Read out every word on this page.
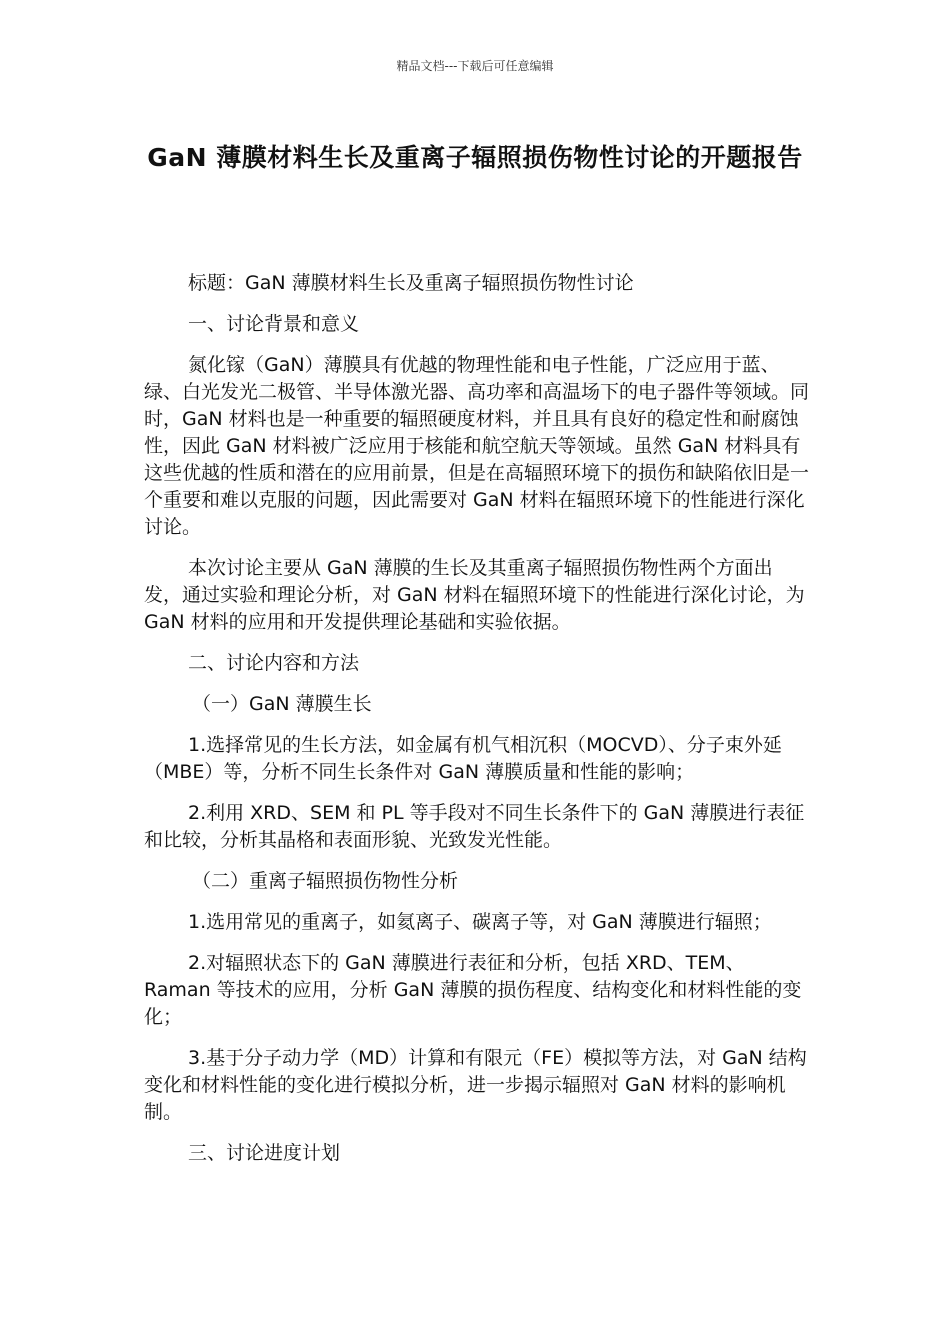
精品文档---下载后可任意编辑
GaN 薄膜材料生长及重离子辐照损伤物性讨论的开题报告

标题：GaN 薄膜材料生长及重离子辐照损伤物性讨论

一、讨论背景和意义

氮化镓（GaN）薄膜具有优越的物理性能和电子性能，广泛应用于蓝、绿、白光发光二极管、半导体激光器、高功率和高温场下的电子器件等领域。同时，GaN 材料也是一种重要的辐照硬度材料，并且具有良好的稳定性和耐腐蚀性，因此 GaN 材料被广泛应用于核能和航空航天等领域。虽然 GaN 材料具有这些优越的性质和潜在的应用前景，但是在高辐照环境下的损伤和缺陷依旧是一个重要和难以克服的问题，因此需要对 GaN 材料在辐照环境下的性能进行深化讨论。

本次讨论主要从 GaN 薄膜的生长及其重离子辐照损伤物性两个方面出发，通过实验和理论分析，对 GaN 材料在辐照环境下的性能进行深化讨论，为 GaN 材料的应用和开发提供理论基础和实验依据。

二、讨论内容和方法

（一）GaN 薄膜生长

1.选择常见的生长方法，如金属有机气相沉积（MOCVD）、分子束外延（MBE）等，分析不同生长条件对 GaN 薄膜质量和性能的影响；

2.利用 XRD、SEM 和 PL 等手段对不同生长条件下的 GaN 薄膜进行表征和比较，分析其晶格和表面形貌、光致发光性能。

（二）重离子辐照损伤物性分析

1.选用常见的重离子，如氦离子、碳离子等，对 GaN 薄膜进行辐照；

2.对辐照状态下的 GaN 薄膜进行表征和分析，包括 XRD、TEM、Raman 等技术的应用，分析 GaN 薄膜的损伤程度、结构变化和材料性能的变化；

3.基于分子动力学（MD）计算和有限元（FE）模拟等方法，对 GaN 结构变化和材料性能的变化进行模拟分析，进一步揭示辐照对 GaN 材料的影响机制。

三、讨论进度计划
